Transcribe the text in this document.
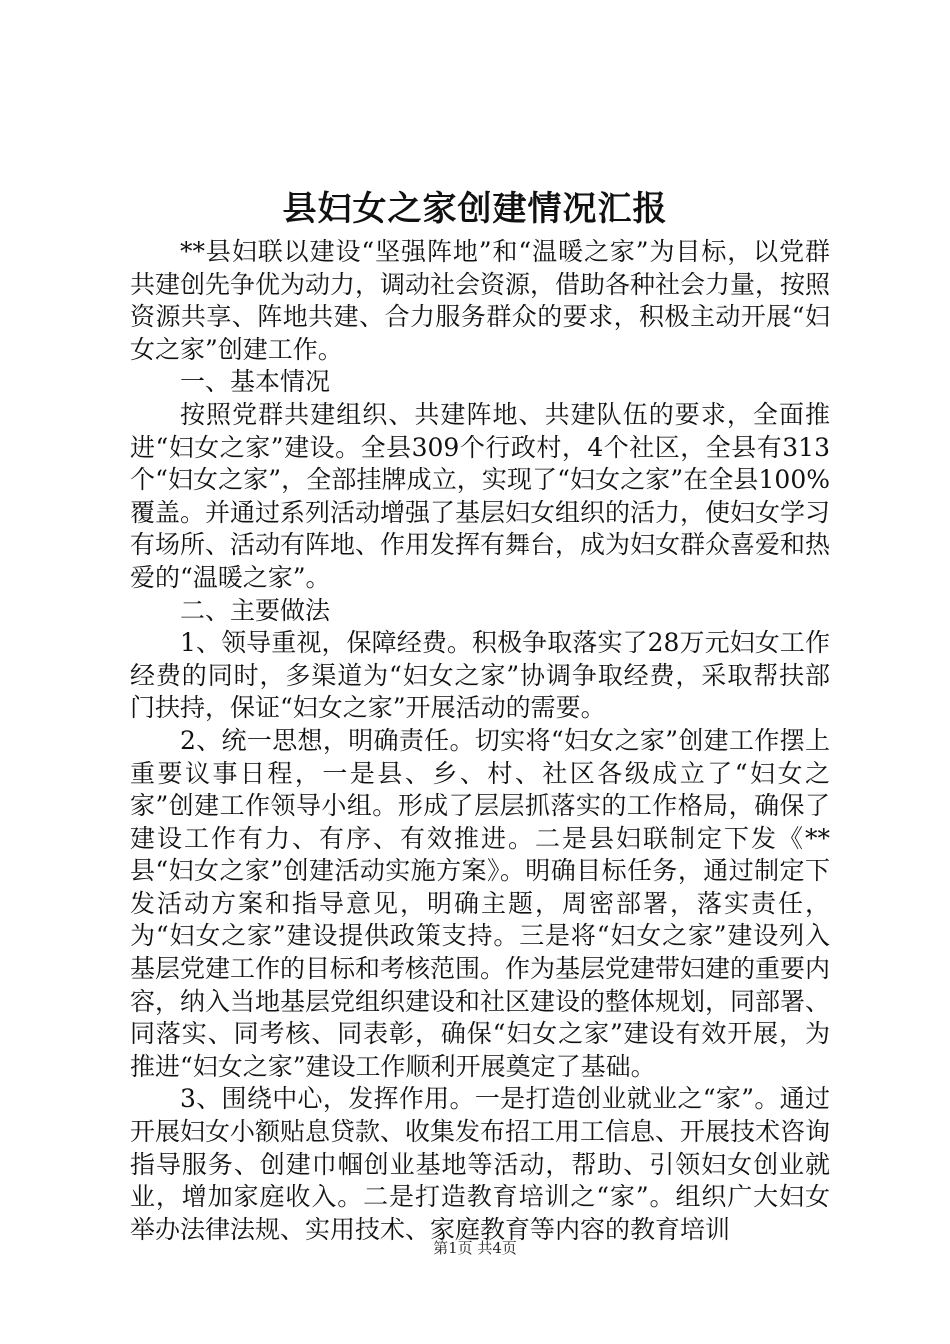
县妇女之家创建情况汇报

**县妇联以建设“坚强阵地”和“温暖之家”为目标，以党群共建创先争优为动力，调动社会资源，借助各种社会力量，按照资源共享、阵地共建、合力服务群众的要求，积极主动开展“妇女之家”创建工作。

一、基本情况

按照党群共建组织、共建阵地、共建队伍的要求，全面推进“妇女之家”建设。全县309个行政村，4个社区，全县有313个“妇女之家”，全部挂牌成立，实现了“妇女之家”在全县100%覆盖。并通过系列活动增强了基层妇女组织的活力，使妇女学习有场所、活动有阵地、作用发挥有舞台，成为妇女群众喜爱和热爱的“温暖之家”。

二、主要做法

1、领导重视，保障经费。积极争取落实了28万元妇女工作经费的同时，多渠道为“妇女之家”协调争取经费，采取帮扶部门扶持，保证“妇女之家”开展活动的需要。

2、统一思想，明确责任。切实将“妇女之家”创建工作摆上重要议事日程，一是县、乡、村、社区各级成立了“妇女之家”创建工作领导小组。形成了层层抓落实的工作格局，确保了建设工作有力、有序、有效推进。二是县妇联制定下发《**县“妇女之家”创建活动实施方案》。明确目标任务，通过制定下发活动方案和指导意见，明确主题，周密部署，落实责任，为“妇女之家”建设提供政策支持。三是将“妇女之家”建设列入基层党建工作的目标和考核范围。作为基层党建带妇建的重要内容，纳入当地基层党组织建设和社区建设的整体规划，同部署、同落实、同考核、同表彰，确保“妇女之家”建设有效开展，为推进“妇女之家”建设工作顺利开展奠定了基础。

3、围绕中心，发挥作用。一是打造创业就业之“家”。通过开展妇女小额贴息贷款、收集发布招工用工信息、开展技术咨询指导服务、创建巾帼创业基地等活动，帮助、引领妇女创业就业，增加家庭收入。二是打造教育培训之“家”。组织广大妇女举办法律法规、实用技术、家庭教育等内容的教育培训

第1页 共4页
